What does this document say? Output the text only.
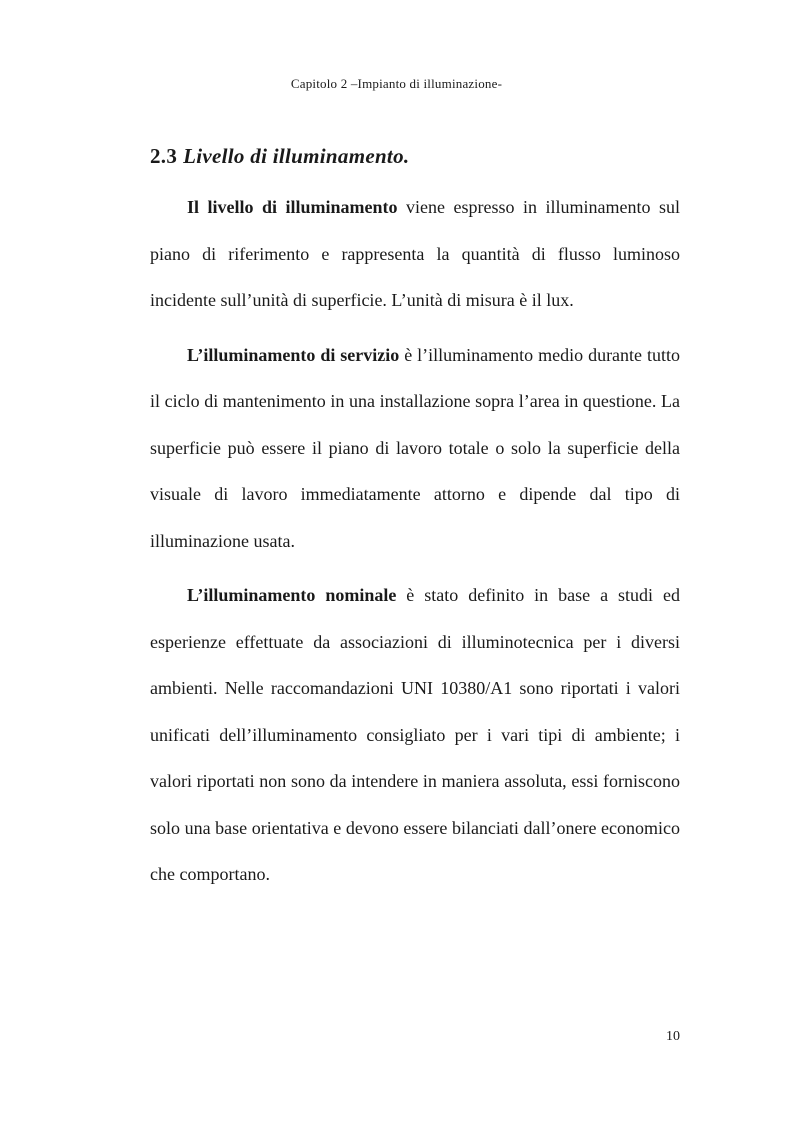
Capitolo 2 –Impianto di illuminazione-
2.3 Livello di illuminamento.

Il livello di illuminamento viene espresso in illuminamento sul piano di riferimento e rappresenta la quantità di flusso luminoso incidente sull’unità di superficie. L’unità di misura è il lux.

L’illuminamento di servizio è l’illuminamento medio durante tutto il ciclo di mantenimento in una installazione sopra l’area in questione. La superficie può essere il piano di lavoro totale o solo la superficie della visuale di lavoro immediatamente attorno e dipende dal tipo di illuminazione usata.

L’illuminamento nominale è stato definito in base a studi ed esperienze effettuate da associazioni di illuminotecnica per i diversi ambienti. Nelle raccomandazioni UNI 10380/A1 sono riportati i valori unificati dell’illuminamento consigliato per i vari tipi di ambiente; i valori riportati non sono da intendere in maniera assoluta, essi forniscono solo una base orientativa e devono essere bilanciati dall’onere economico che comportano.

10
